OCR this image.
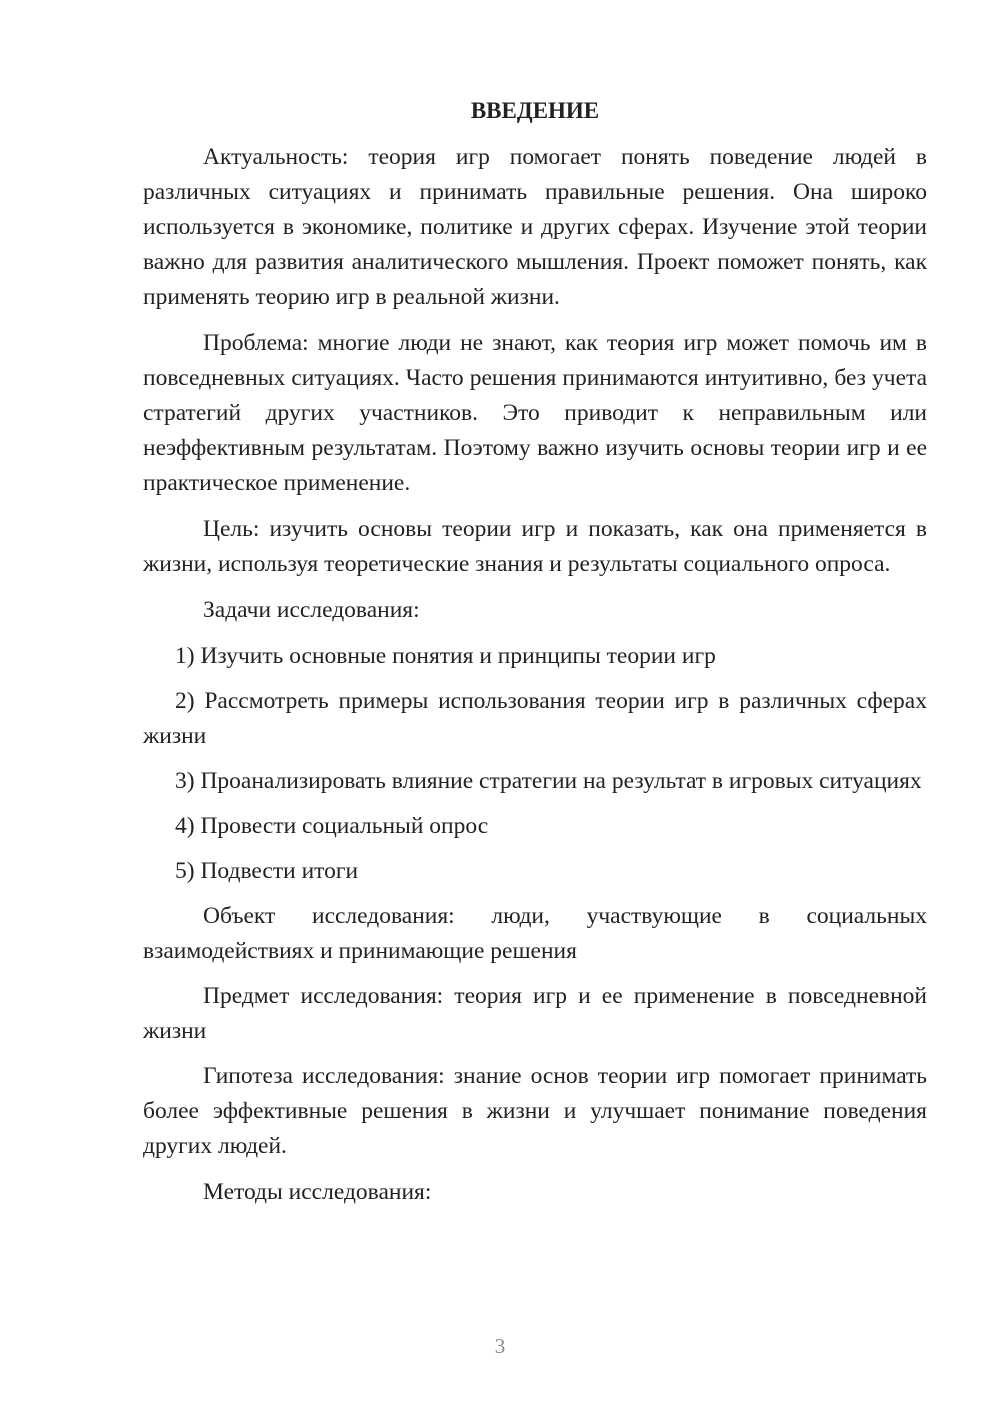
ВВЕДЕНИЕ

Актуальность: теория игр помогает понять поведение людей в различных ситуациях и принимать правильные решения. Она широко используется в экономике, политике и других сферах. Изучение этой теории важно для развития аналитического мышления. Проект поможет понять, как применять теорию игр в реальной жизни.

Проблема: многие люди не знают, как теория игр может помочь им в повседневных ситуациях. Часто решения принимаются интуитивно, без учета стратегий других участников. Это приводит к неправильным или неэффективным результатам. Поэтому важно изучить основы теории игр и ее практическое применение.

Цель: изучить основы теории игр и показать, как она применяется в жизни, используя теоретические знания и результаты социального опроса.

Задачи исследования:

1) Изучить основные понятия и принципы теории игр

2) Рассмотреть примеры использования теории игр в различных сферах жизни

3) Проанализировать влияние стратегии на результат в игровых ситуациях

4) Провести социальный опрос

5) Подвести итоги

Объект исследования: люди, участвующие в социальных взаимодействиях и принимающие решения

Предмет исследования: теория игр и ее применение в повседневной жизни

Гипотеза исследования: знание основ теории игр помогает принимать более эффективные решения в жизни и улучшает понимание поведения других людей.

Методы исследования:

3
